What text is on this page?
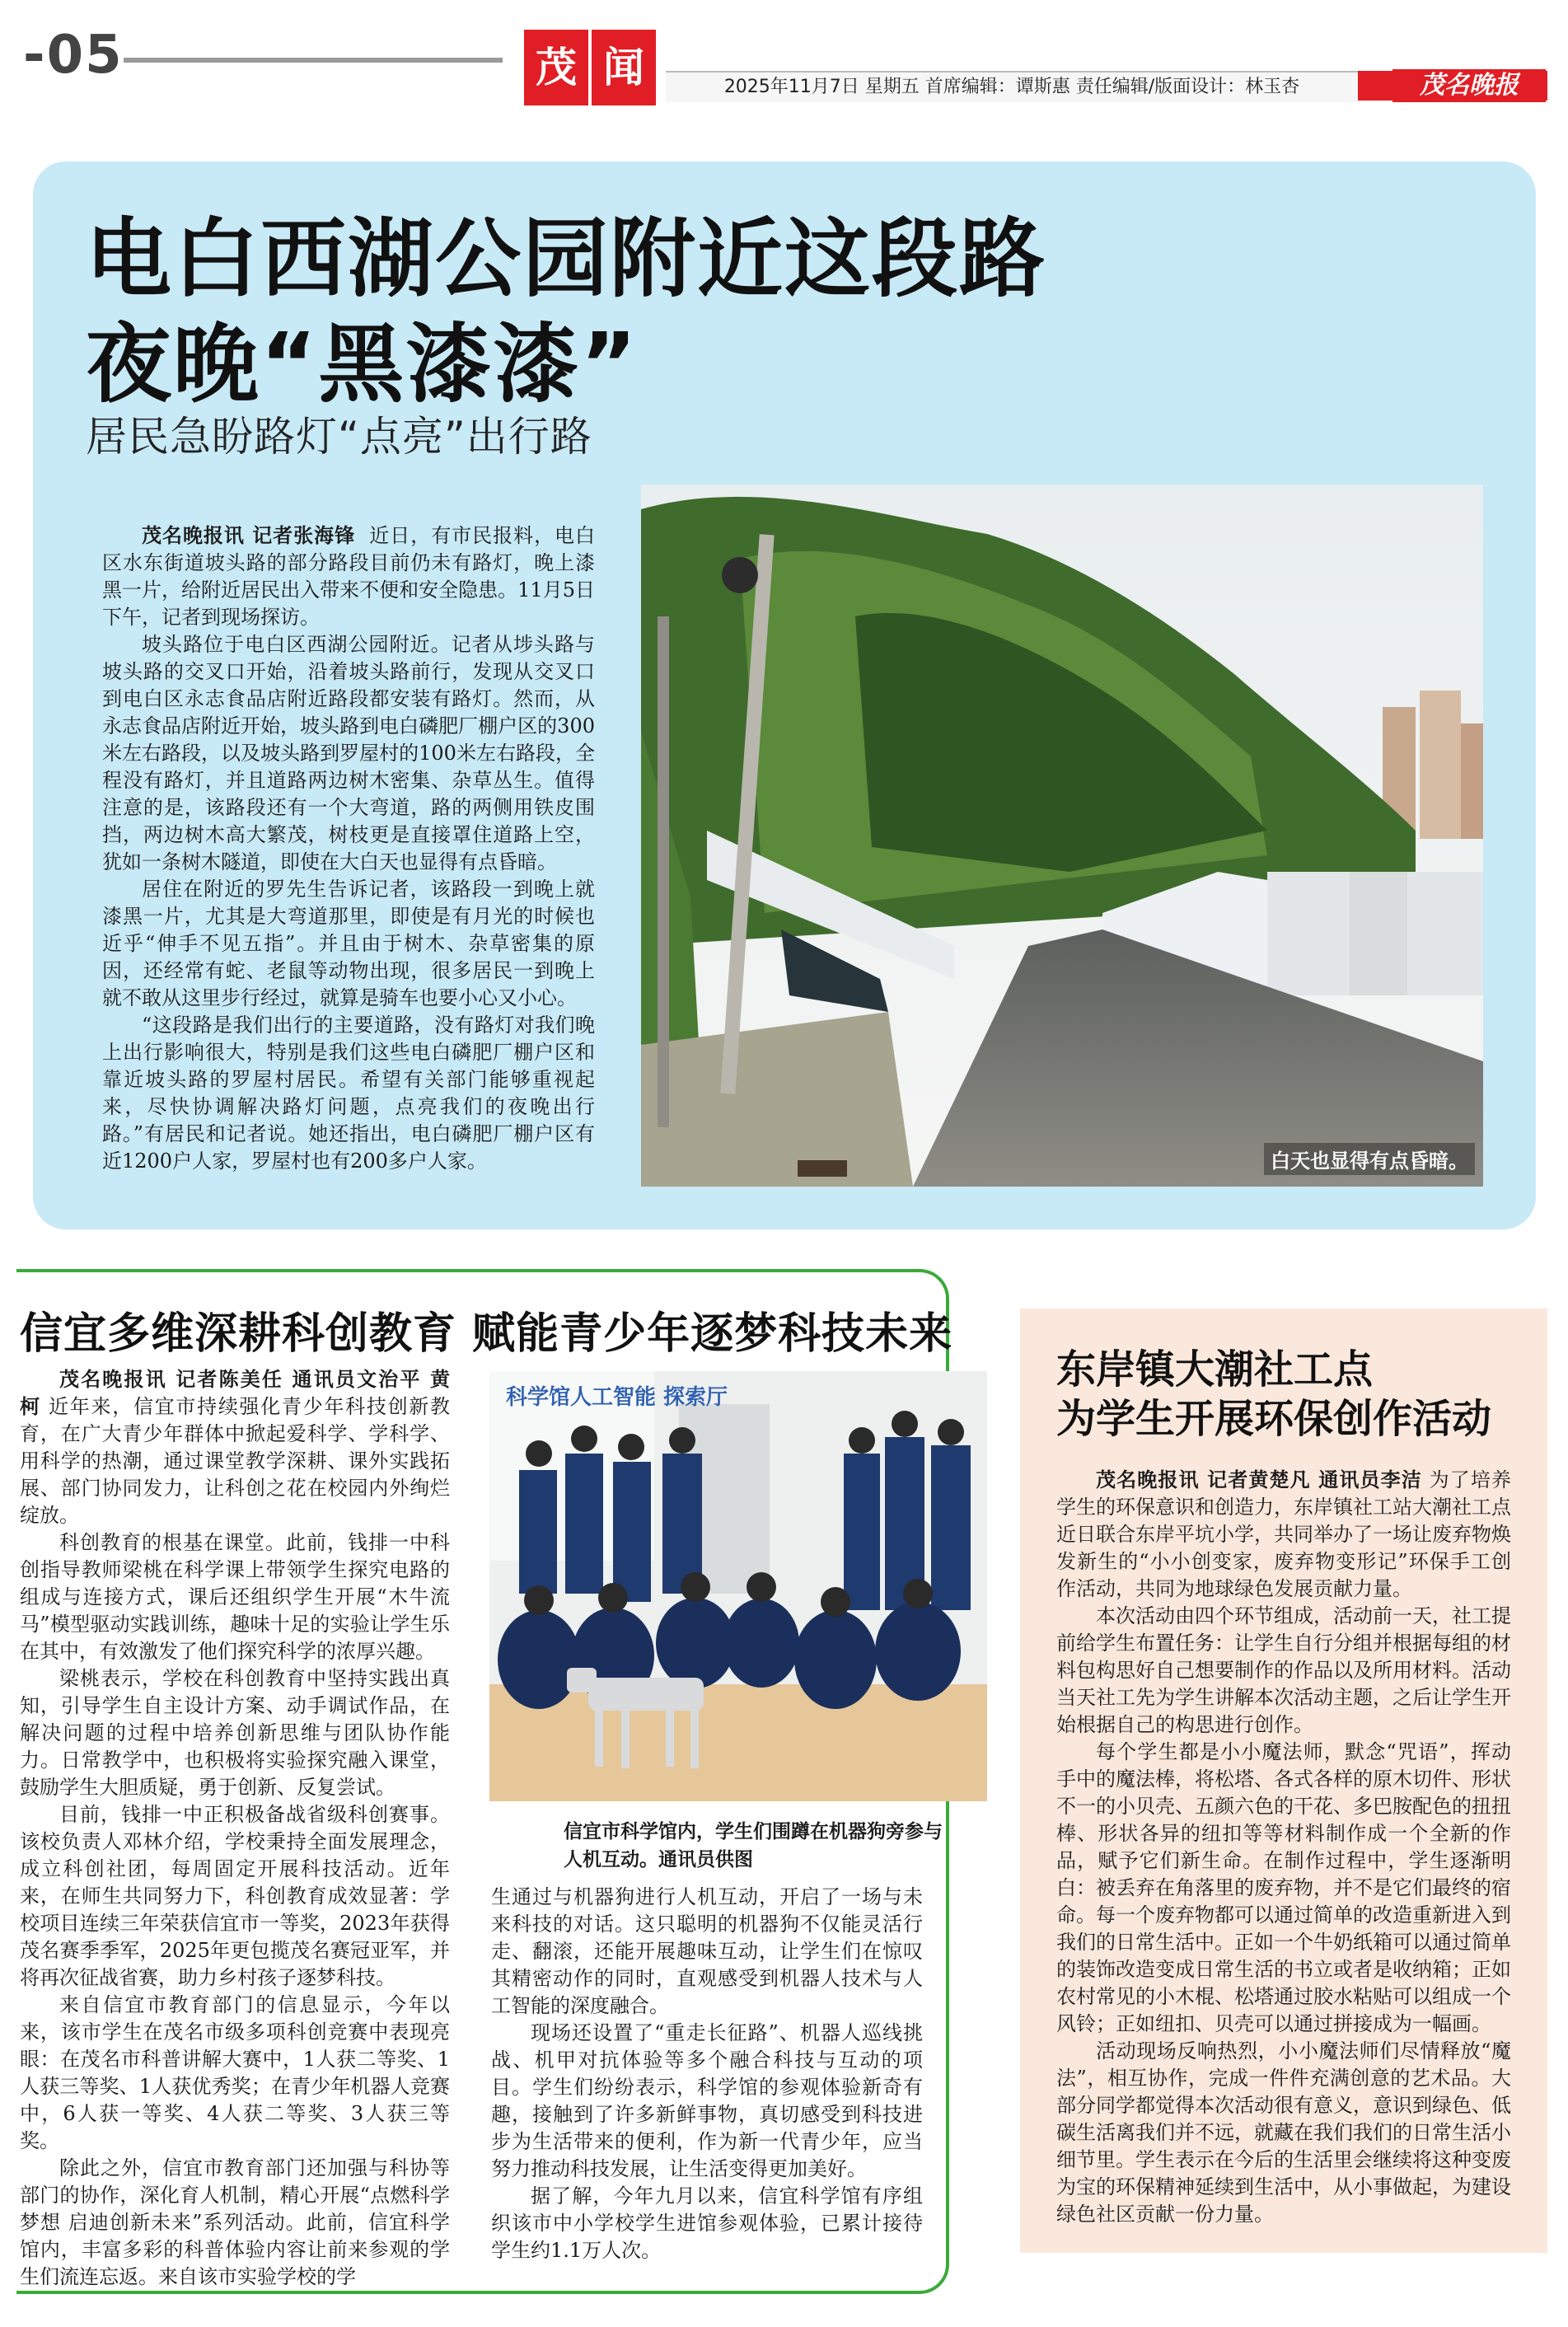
-05	茂 闻	2025年11月7日 星期五 首席编辑：谭斯惠 责任编辑/版面设计：林玉杏	茂名晚报
电白西湖公园附近这段路
夜晚“黑漆漆”
居民急盼路灯“点亮”出行路

茂名晚报讯 记者张海锋 近日，有市民报料，电白区水东街道坡头路的部分路段目前仍未有路灯，晚上漆黑一片，给附近居民出入带来不便和安全隐患。11月5日下午，记者到现场探访。

坡头路位于电白区西湖公园附近。记者从埗头路与坡头路的交叉口开始，沿着坡头路前行，发现从交叉口到电白区永志食品店附近路段都安装有路灯。然而，从永志食品店附近开始，坡头路到电白磷肥厂棚户区的300米左右路段，以及坡头路到罗屋村的100米左右路段，全程没有路灯，并且道路两边树木密集、杂草丛生。值得注意的是，该路段还有一个大弯道，路的两侧用铁皮围挡，两边树木高大繁茂，树枝更是直接罩住道路上空，犹如一条树木隧道，即使在大白天也显得有点昏暗。

居住在附近的罗先生告诉记者，该路段一到晚上就漆黑一片，尤其是大弯道那里，即使是有月光的时候也近乎“伸手不见五指”。并且由于树木、杂草密集的原因，还经常有蛇、老鼠等动物出现，很多居民一到晚上就不敢从这里步行经过，就算是骑车也要小心又小心。

“这段路是我们出行的主要道路，没有路灯对我们晚上出行影响很大，特别是我们这些电白磷肥厂棚户区和靠近坡头路的罗屋村居民。希望有关部门能够重视起来，尽快协调解决路灯问题，点亮我们的夜晚出行路。”有居民和记者说。她还指出，电白磷肥厂棚户区有近1200户人家，罗屋村也有200多户人家。	白天也显得有点昏暗。
信宜多维深耕科创教育 赋能青少年逐梦科技未来

茂名晚报讯 记者陈美任 通讯员文治平 黄柯 近年来，信宜市持续强化青少年科技创新教育，在广大青少年群体中掀起爱科学、学科学、用科学的热潮，通过课堂教学深耕、课外实践拓展、部门协同发力，让科创之花在校园内外绚烂绽放。

科创教育的根基在课堂。此前，钱排一中科创指导教师梁桃在科学课上带领学生探究电路的组成与连接方式，课后还组织学生开展“木牛流马”模型驱动实践训练，趣味十足的实验让学生乐在其中，有效激发了他们探究科学的浓厚兴趣。

梁桃表示，学校在科创教育中坚持实践出真知，引导学生自主设计方案、动手调试作品，在解决问题的过程中培养创新思维与团队协作能力。日常教学中，也积极将实验探究融入课堂，鼓励学生大胆质疑，勇于创新、反复尝试。

目前，钱排一中正积极备战省级科创赛事。该校负责人邓林介绍，学校秉持全面发展理念，成立科创社团，每周固定开展科技活动。近年来，在师生共同努力下，科创教育成效显著：学校项目连续三年荣获信宜市一等奖，2023年获得茂名赛季季军，2025年更包揽茂名赛冠亚军，并将再次征战省赛，助力乡村孩子逐梦科技。

来自信宜市教育部门的信息显示，今年以来，该市学生在茂名市级多项科创竞赛中表现亮眼：在茂名市科普讲解大赛中，1人获二等奖、1人获三等奖、1人获优秀奖；在青少年机器人竞赛中，6人获一等奖、4人获二等奖、3人获三等奖。

除此之外，信宜市教育部门还加强与科协等部门的协作，深化育人机制，精心开展“点燃科学梦想 启迪创新未来”系列活动。此前，信宜科学馆内，丰富多彩的科普体验内容让前来参观的学生们流连忘返。来自该市实验学校的学

科学馆人工智能 探索厅
信宜市科学馆内，学生们围蹲在机器狗旁参与人机互动。通讯员供图

生通过与机器狗进行人机互动，开启了一场与未来科技的对话。这只聪明的机器狗不仅能灵活行走、翻滚，还能开展趣味互动，让学生们在惊叹其精密动作的同时，直观感受到机器人技术与人工智能的深度融合。

现场还设置了“重走长征路”、机器人巡线挑战、机甲对抗体验等多个融合科技与互动的项目。学生们纷纷表示，科学馆的参观体验新奇有趣，接触到了许多新鲜事物，真切感受到科技进步为生活带来的便利，作为新一代青少年，应当努力推动科技发展，让生活变得更加美好。

据了解，今年九月以来，信宜科学馆有序组织该市中小学校学生进馆参观体验，已累计接待学生约1.1万人次。

东岸镇大潮社工点
为学生开展环保创作活动

茂名晚报讯 记者黄楚凡 通讯员李洁 为了培养学生的环保意识和创造力，东岸镇社工站大潮社工点近日联合东岸平坑小学，共同举办了一场让废弃物焕发新生的“小小创变家，废弃物变形记”环保手工创作活动，共同为地球绿色发展贡献力量。

本次活动由四个环节组成，活动前一天，社工提前给学生布置任务：让学生自行分组并根据每组的材料包构思好自己想要制作的作品以及所用材料。活动当天社工先为学生讲解本次活动主题，之后让学生开始根据自己的构思进行创作。

每个学生都是小小魔法师，默念“咒语”，挥动手中的魔法棒，将松塔、各式各样的原木切件、形状不一的小贝壳、五颜六色的干花、多巴胺配色的扭扭棒、形状各异的纽扣等等材料制作成一个全新的作品，赋予它们新生命。在制作过程中，学生逐渐明白：被丢弃在角落里的废弃物，并不是它们最终的宿命。每一个废弃物都可以通过简单的改造重新进入到我们的日常生活中。正如一个牛奶纸箱可以通过简单的装饰改造变成日常生活的书立或者是收纳箱；正如农村常见的小木棍、松塔通过胶水粘贴可以组成一个风铃；正如纽扣、贝壳可以通过拼接成为一幅画。

活动现场反响热烈，小小魔法师们尽情释放“魔法”，相互协作，完成一件件充满创意的艺术品。大部分同学都觉得本次活动很有意义，意识到绿色、低碳生活离我们并不远，就藏在我们我们的日常生活小细节里。学生表示在今后的生活里会继续将这种变废为宝的环保精神延续到生活中，从小事做起，为建设绿色社区贡献一份力量。
